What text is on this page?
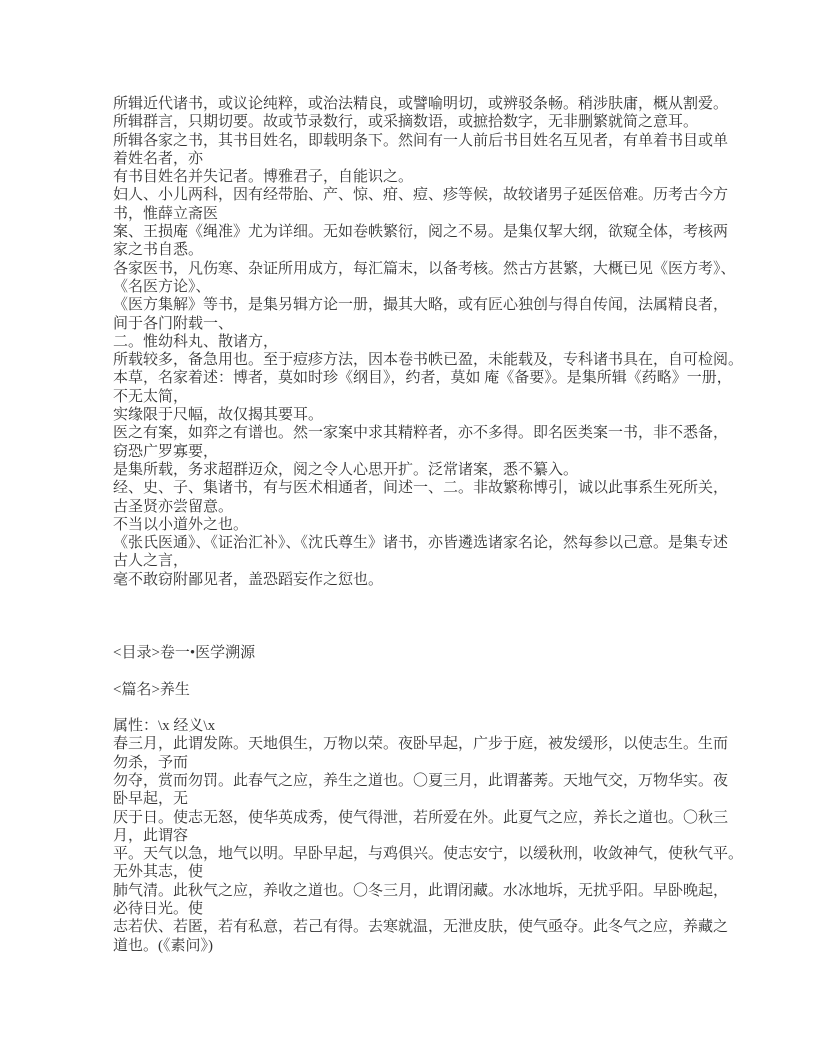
所辑近代诸书，或议论纯粹，或治法精良，或譬喻明切，或辨驳条畅。稍涉肤庸，概从割爱。
所辑群言，只期切要。故或节录数行，或采摘数语，或摭拾数字，无非删繁就简之意耳。
所辑各家之书，其书目姓名，即载明条下。然间有一人前后书目姓名互见者，有单着书目或单
着姓名者，亦
有书目姓名并失记者。博雅君子，自能识之。
妇人、小儿两科，因有经带胎、产、惊、疳、痘、疹等候，故较诸男子延医倍难。历考古今方
书，惟薛立斋医
案、王损庵《绳准》尤为详细。无如卷帙繁衍，阅之不易。是集仅挈大纲，欲窥全体，考核两
家之书自悉。
各家医书，凡伤寒、杂证所用成方，每汇篇末，以备考核。然古方甚繁，大概已见《医方考》、
《名医方论》、
《医方集解》等书，是集另辑方论一册，撮其大略，或有匠心独创与得自传闻，法属精良者，
间于各门附载一、
二。惟幼科丸、散诸方，
所载较多，备急用也。至于痘疹方法，因本卷书帙已盈，未能载及，专科诸书具在，自可检阅。
本草，名家着述：博者，莫如时珍《纲目》，约者，莫如 庵《备要》。是集所辑《药略》一册，
不无太简，
实缘限于尺幅，故仅揭其要耳。
医之有案，如弈之有谱也。然一家案中求其精粹者，亦不多得。即名医类案一书，非不悉备，
窃恐广罗寡要，
是集所载，务求超群迈众，阅之令人心思开扩。泛常诸案，悉不纂入。
经、史、子、集诸书，有与医术相通者，间述一、二。非故繁称博引，诚以此事系生死所关，
古圣贤亦尝留意。
不当以小道外之也。
《张氏医通》、《证治汇补》、《沈氏尊生》诸书，亦皆遴选诸家名论，然每参以己意。是集专述
古人之言，
毫不敢窃附鄙见者，盖恐蹈妄作之愆也。
<目录>卷一•医学溯源
<篇名>养生
属性：\x 经义\x
春三月，此谓发陈。天地俱生，万物以荣。夜卧早起，广步于庭，被发缓形，以使志生。生而
勿杀，予而
勿夺，赏而勿罚。此春气之应，养生之道也。〇夏三月，此谓蕃莠。天地气交，万物华实。夜
卧早起，无
厌于日。使志无怒，使华英成秀，使气得泄，若所爱在外。此夏气之应，养长之道也。〇秋三
月，此谓容
平。天气以急，地气以明。早卧早起，与鸡俱兴。使志安宁，以缓秋刑，收敛神气，使秋气平。
无外其志，使
肺气清。此秋气之应，养收之道也。〇冬三月，此谓闭藏。水冰地坼，无扰乎阳。早卧晚起，
必待日光。使
志若伏、若匿，若有私意，若己有得。去寒就温，无泄皮肤，使气亟夺。此冬气之应，养藏之
道也。(《素问》)
